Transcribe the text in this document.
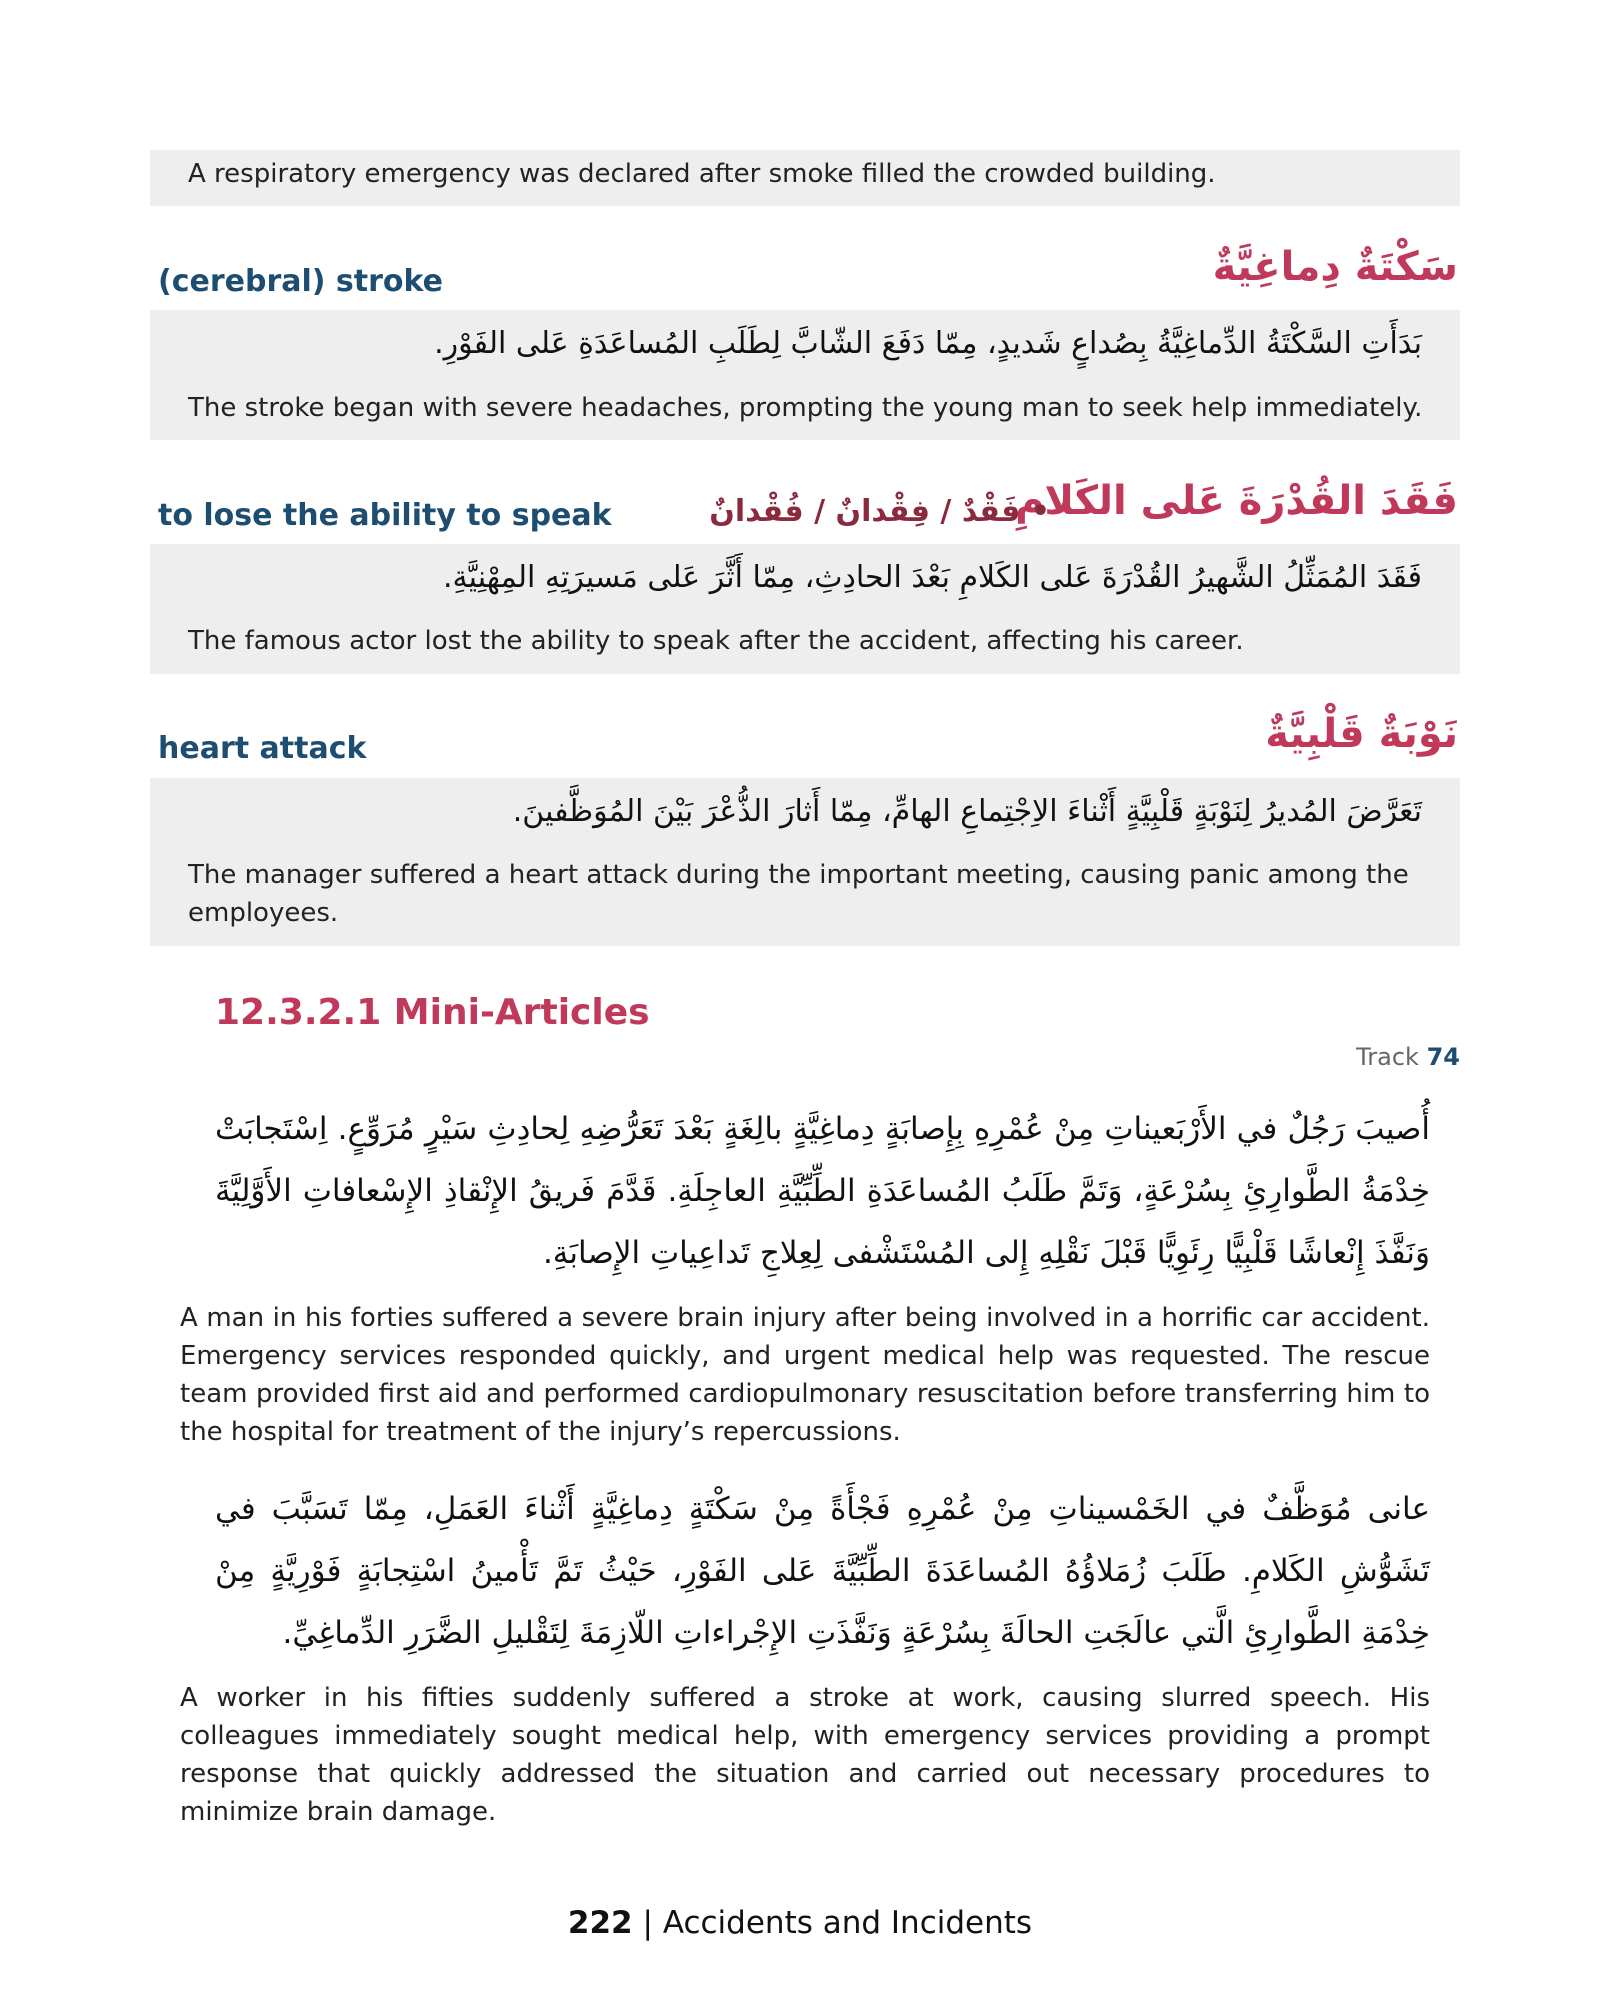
A respiratory emergency was declared after smoke filled the crowded building.
سَكْتَةٌ دِماغِيَّةٌ
(cerebral) stroke
بَدَأَتِ السَّكْتَةُ الدِّماغِيَّةُ بِصُداعٍ شَديدٍ، مِمّا دَفَعَ الشّابَّ لِطَلَبِ المُساعَدَةِ عَلى الفَوْرِ.
The stroke began with severe headaches, prompting the young man to seek help immediately.
فَقَدَ القُدْرَةَ عَلى الكَلامِ
• فَقْدٌ / فِقْدانٌ / فُقْدانٌ
to lose the ability to speak
فَقَدَ المُمَثِّلُ الشَّهيرُ القُدْرَةَ عَلى الكَلامِ بَعْدَ الحادِثِ، مِمّا أَثَّرَ عَلى مَسيرَتِهِ المِهْنِيَّةِ.
The famous actor lost the ability to speak after the accident, affecting his career.
نَوْبَةٌ قَلْبِيَّةٌ
heart attack
تَعَرَّضَ المُديرُ لِنَوْبَةٍ قَلْبِيَّةٍ أَثْناءَ الاِجْتِماعِ الهامِّ، مِمّا أَثارَ الذُّعْرَ بَيْنَ المُوَظَّفينَ.
The manager suffered a heart attack during the important meeting, causing panic among the employees.
12.3.2.1 Mini-Articles
Track 74
أُصيبَ رَجُلٌ في الأَرْبَعيناتِ مِنْ عُمْرِهِ بِإِصابَةٍ دِماغِيَّةٍ بالِغَةٍ بَعْدَ تَعَرُّضِهِ لِحادِثِ سَيْرٍ مُرَوِّعٍ. اِسْتَجابَتْ خِدْمَةُ الطَّوارِئِ بِسُرْعَةٍ، وَتَمَّ طَلَبُ المُساعَدَةِ الطِّبِّيَّةِ العاجِلَةِ. قَدَّمَ فَريقُ الإِنْقاذِ الإِسْعافاتِ الأَوَّلِيَّةَ وَنَفَّذَ إِنْعاشًا قَلْبِيًّا رِئَوِيًّا قَبْلَ نَقْلِهِ إِلى المُسْتَشْفى لِعِلاجِ تَداعِياتِ الإِصابَةِ.
A man in his forties suffered a severe brain injury after being involved in a horrific car accident. Emergency services responded quickly, and urgent medical help was requested. The rescue team provided first aid and performed cardiopulmonary resuscitation before transferring him to the hospital for treatment of the injury’s repercussions.
عانى مُوَظَّفٌ في الخَمْسيناتِ مِنْ عُمْرِهِ فَجْأَةً مِنْ سَكْتَةٍ دِماغِيَّةٍ أَثْناءَ العَمَلِ، مِمّا تَسَبَّبَ في تَشَوُّشِ الكَلامِ. طَلَبَ زُمَلاؤُهُ المُساعَدَةَ الطِّبِّيَّةَ عَلى الفَوْرِ، حَيْثُ تَمَّ تَأْمينُ اسْتِجابَةٍ فَوْرِيَّةٍ مِنْ خِدْمَةِ الطَّوارِئِ الَّتي عالَجَتِ الحالَةَ بِسُرْعَةٍ وَنَفَّذَتِ الإِجْراءاتِ اللّازِمَةَ لِتَقْليلِ الضَّرَرِ الدِّماغِيِّ.
A worker in his fifties suddenly suffered a stroke at work, causing slurred speech. His colleagues immediately sought medical help, with emergency services providing a prompt response that quickly addressed the situation and carried out necessary procedures to minimize brain damage.
222 | Accidents and Incidents
